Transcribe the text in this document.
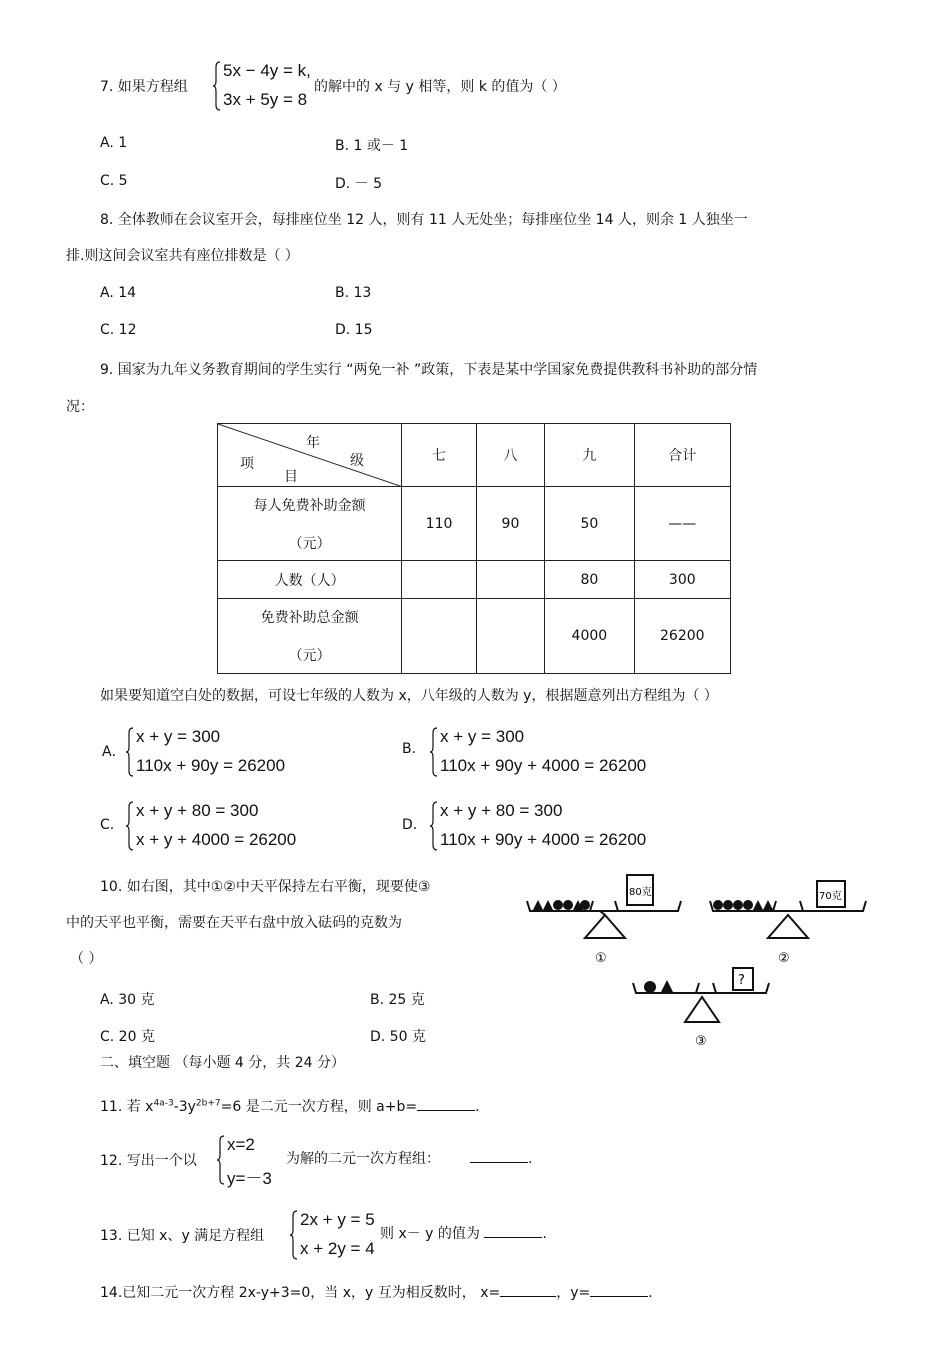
7. 如果方程组
5x − 4y = k,
3x + 5y = 8
的解中的 x 与 y 相等，则 k 的值为（ ）
A. 1	B. 1 或－ 1
C. 5	D. － 5
8. 全体教师在会议室开会，每排座位坐 12 人，则有 11 人无处坐；每排座位坐 14 人，则余 1 人独坐一
排.则这间会议室共有座位排数是（ ）
A. 14	B. 13
C. 12	D. 15
9. 国家为九年义务教育期间的学生实行 “两免一补 ”政策，下表是某中学国家免费提供教科书补助的部分情
况：
年
级
项
目	七	八	九	合计

每人免费补助金额
（元）	110	90	50	——
人数（人）			80	300

免费补助总金额
（元）			4000	26200
如果要知道空白处的数据，可设七年级的人数为 x，八年级的人数为 y，根据题意列出方程组为（ ）
A．
x + y = 300
110x + 90y = 26200
B.
x + y = 300
110x + 90y + 4000 = 26200
C.
x + y + 80 = 300
x + y + 4000 = 26200
D.
x + y + 80 = 300
110x + 90y + 4000 = 26200
10. 如右图，其中①②中天平保持左右平衡，现要使③
中的天平也平衡，需要在天平右盘中放入砝码的克数为
（ ）
A. 30 克	B. 25 克
C. 20 克	D. 50 克
80克
①
70克
②
?
③
二、填空题 （每小题 4 分，共 24 分）
11. 若 $x^{4a-3}-3y^{2b+7}=6$ 是二元一次方程，则 a+b=	.
12. 写出一个以
x=2
y=－3
为解的二元一次方程组：	.
13. 已知 x、y 满足方程组
2x + y = 5
x + 2y = 4
则 x－ y 的值为	.
14.已知二元一次方程 2x-y+3=0，当 x，y 互为相反数时， x=	，y=	.
